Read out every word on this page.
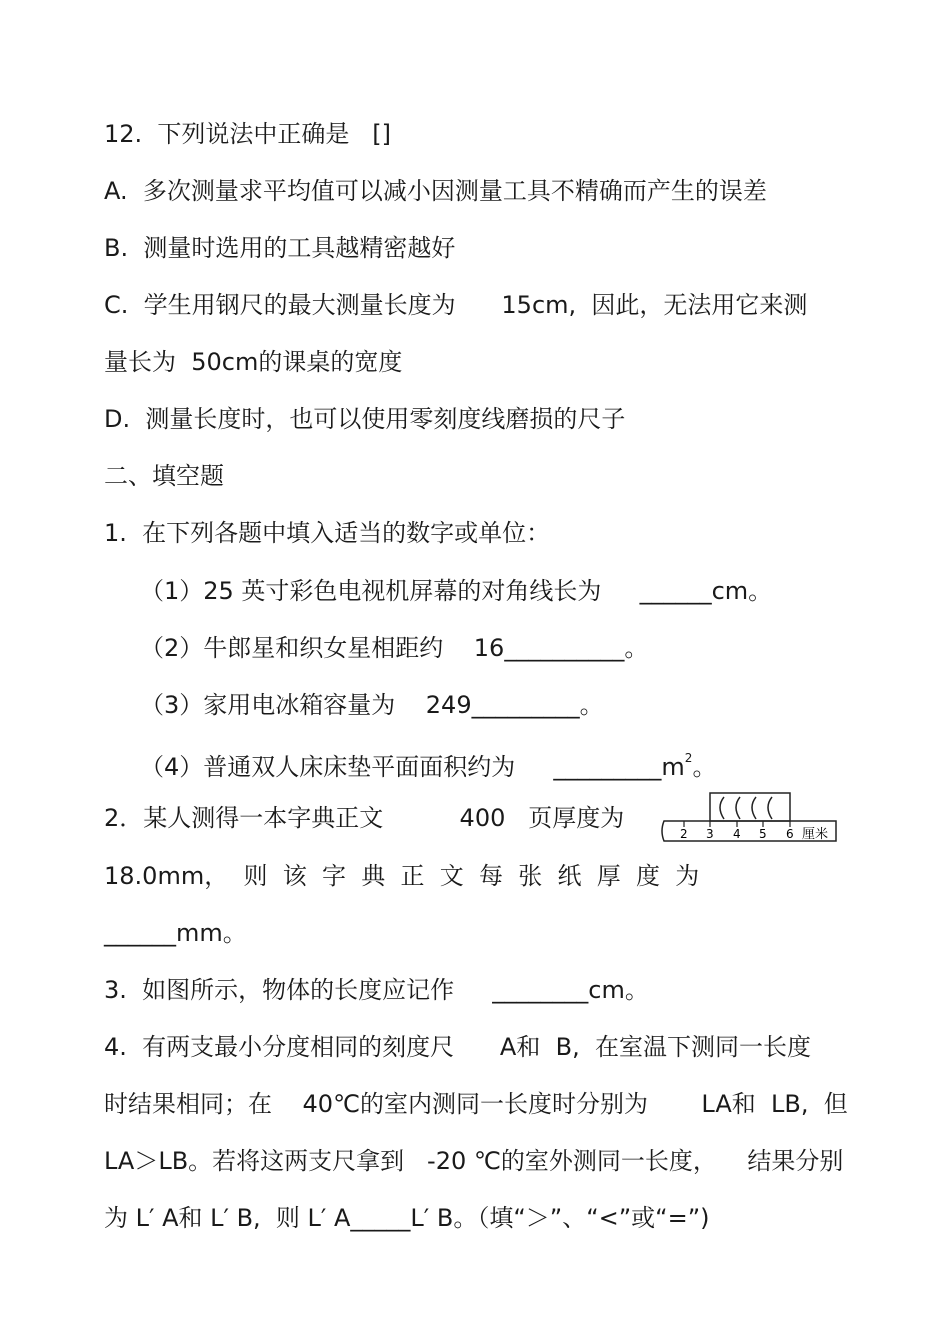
12.  下列说法中正确是   []
A.  多次测量求平均值可以减小因测量工具不精确而产生的误差
B.  测量时选用的工具越精密越好
C.  学生用钢尺的最大测量长度为      15cm,  因此，无法用它来测
量长为  50cm的课桌的宽度
D.  测量长度时，也可以使用零刻度线磨损的尺子
二、填空题
1.  在下列各题中填入适当的数字或单位：
（1）25 英寸彩色电视机屏幕的对角线长为     ______cm。
（2）牛郎星和织女星相距约    16__________。
（3）家用电冰箱容量为    249_________。
（4）普通双人床床垫平面面积约为     $\_\_\_\_\_\_\_\_\_m^2$。
2．某人测得一本字典正文          400   页厚度为
18.0mm，  则  该  字  典  正  文  每  张  纸  厚  度  为
______mm。
3.  如图所示，物体的长度应记作     ________cm。
4.  有两支最小分度相同的刻度尺      A和  B,  在室温下测同一长度
时结果相同；在    40℃的室内测同一长度时分别为       LA和  LB,  但
LA＞LB。若将这两支尺拿到   -20 ℃的室外测同一长度，    结果分别
为 L′ A和 L′ B,  则 L′ A_____L′ B。（填“＞”、“<”或“=”)
2 3 4 5 6 厘米
